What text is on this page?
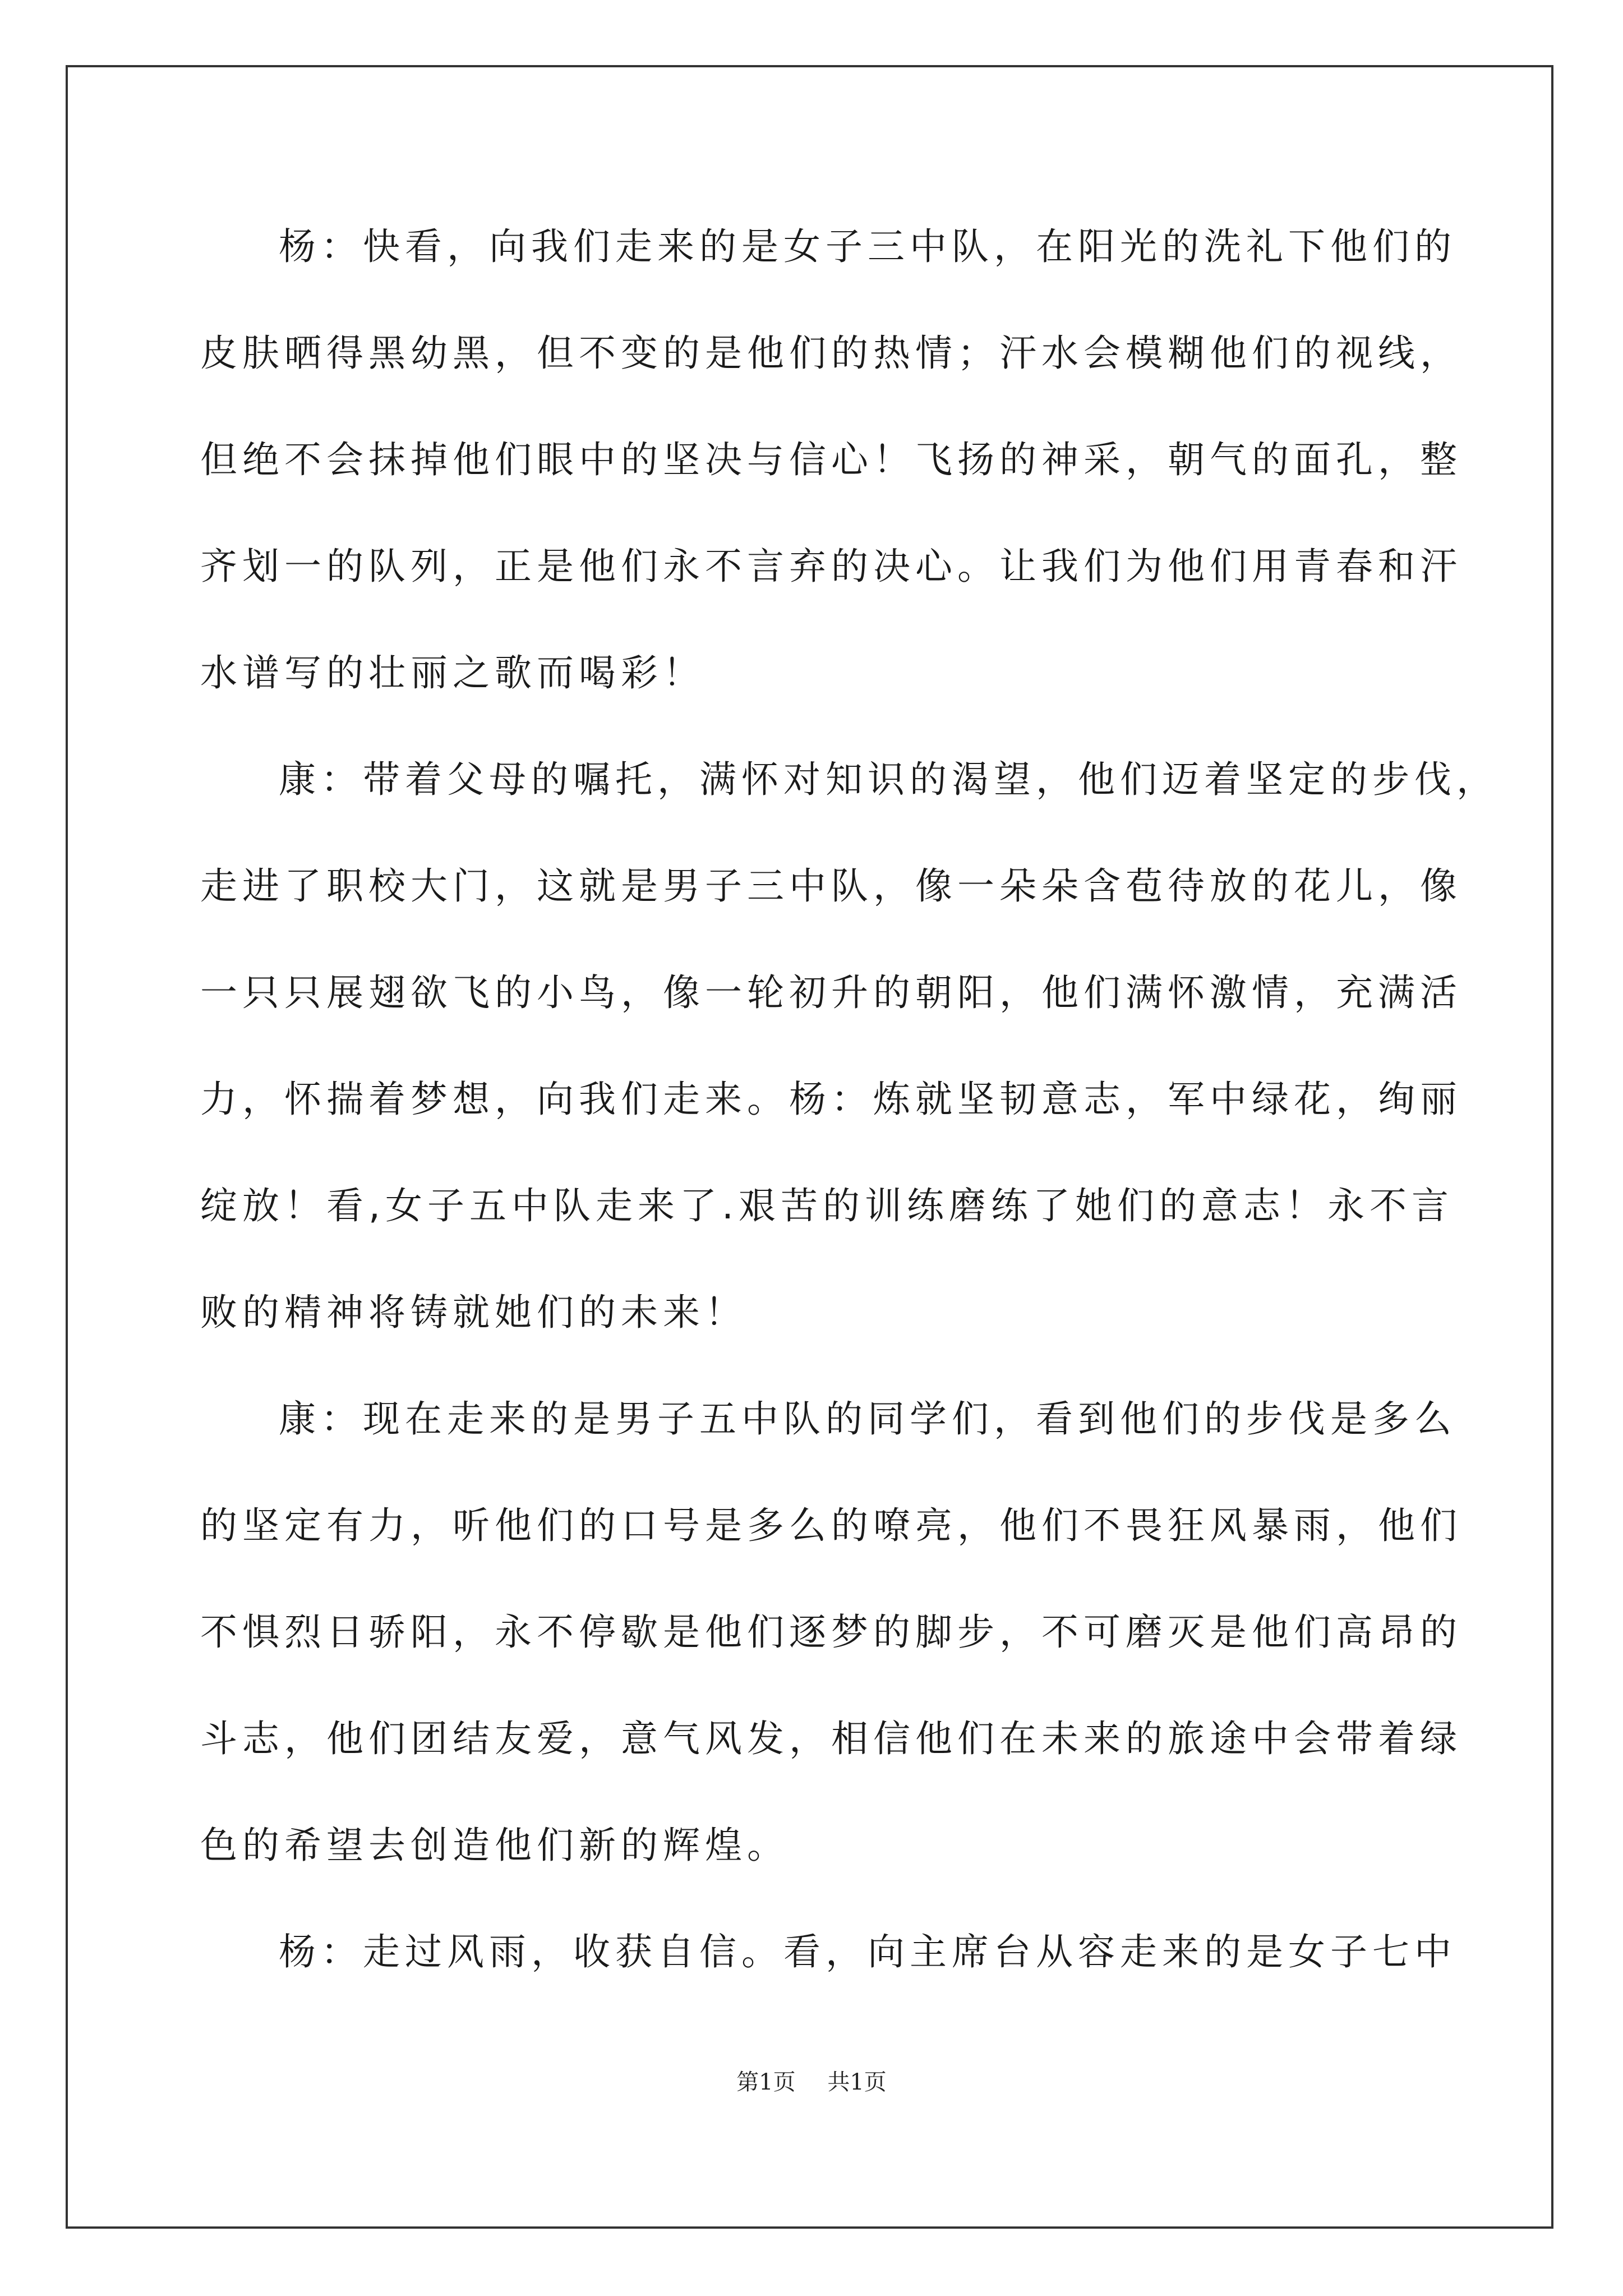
杨：快看，向我们走来的是女子三中队，在阳光的洗礼下他们的
皮肤晒得黑幼黑，但不变的是他们的热情；汗水会模糊他们的视线，
但绝不会抹掉他们眼中的坚决与信心！飞扬的神采，朝气的面孔，整
齐划一的队列，正是他们永不言弃的决心。让我们为他们用青春和汗
水谱写的壮丽之歌而喝彩！
康：带着父母的嘱托，满怀对知识的渴望，他们迈着坚定的步伐，
走进了职校大门，这就是男子三中队，像一朵朵含苞待放的花儿，像
一只只展翅欲飞的小鸟，像一轮初升的朝阳，他们满怀激情，充满活
力，怀揣着梦想，向我们走来。杨：炼就坚韧意志，军中绿花，绚丽
绽放！看,女子五中队走来了.艰苦的训练磨练了她们的意志！永不言
败的精神将铸就她们的未来！
康：现在走来的是男子五中队的同学们，看到他们的步伐是多么
的坚定有力，听他们的口号是多么的嘹亮，他们不畏狂风暴雨，他们
不惧烈日骄阳，永不停歇是他们逐梦的脚步，不可磨灭是他们高昂的
斗志，他们团结友爱，意气风发，相信他们在未来的旅途中会带着绿
色的希望去创造他们新的辉煌。
杨：走过风雨，收获自信。看，向主席台从容走来的是女子七中
第1页 共1页
